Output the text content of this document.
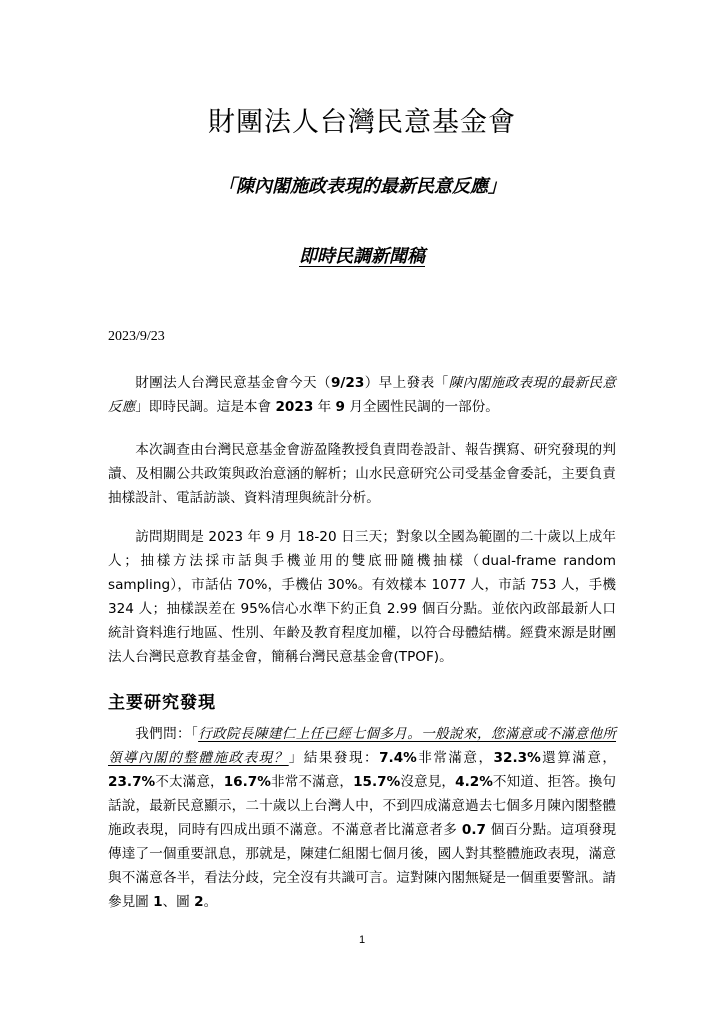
財團法人台灣民意基金會
「陳內閣施政表現的最新民意反應」
即時民調新聞稿
2023/9/23

財團法人台灣民意基金會今天（9/23）早上發表「陳內閣施政表現的最新民意反應」即時民調。這是本會 2023 年 9 月全國性民調的一部份。

本次調查由台灣民意基金會游盈隆教授負責問卷設計、報告撰寫、研究發現的判讀、及相關公共政策與政治意涵的解析；山水民意研究公司受基金會委託，主要負責抽樣設計、電話訪談、資料清理與統計分析。

訪問期間是 2023 年 9 月 18-20 日三天；對象以全國為範圍的二十歲以上成年人；抽樣方法採市話與手機並用的雙底冊隨機抽樣（dual-frame random sampling），市話佔 70%，手機佔 30%。有效樣本 1077 人，市話 753 人，手機 324 人；抽樣誤差在 95%信心水準下約正負 2.99 個百分點。並依內政部最新人口統計資料進行地區、性別、年齡及教育程度加權，以符合母體結構。經費來源是財團法人台灣民意教育基金會，簡稱台灣民意基金會(TPOF)。

主要研究發現

我們問：「行政院長陳建仁上任已經七個多月。一般說來，您滿意或不滿意他所領導內閣的整體施政表現？」結果發現：7.4%非常滿意，32.3%還算滿意，23.7%不太滿意，16.7%非常不滿意，15.7%沒意見，4.2%不知道、拒答。換句話說，最新民意顯示，二十歲以上台灣人中，不到四成滿意過去七個多月陳內閣整體施政表現，同時有四成出頭不滿意。不滿意者比滿意者多 0.7 個百分點。這項發現傳達了一個重要訊息，那就是，陳建仁組閣七個月後，國人對其整體施政表現，滿意與不滿意各半，看法分歧，完全沒有共識可言。這對陳內閣無疑是一個重要警訊。請參見圖 1、圖 2。

1
